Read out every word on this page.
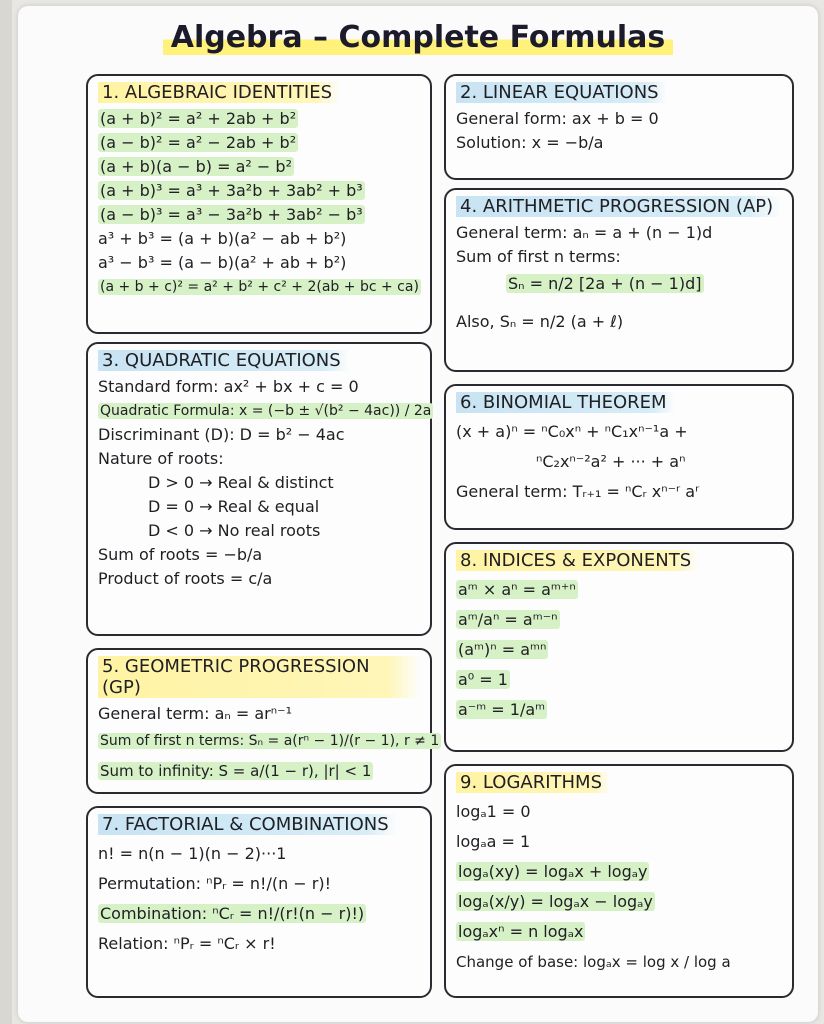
Algebra – Complete Formulas
1. ALGEBRAIC IDENTITIES
(a + b)² = a² + 2ab + b²
(a − b)² = a² − 2ab + b²
(a + b)(a − b) = a² − b²
(a + b)³ = a³ + 3a²b + 3ab² + b³
(a − b)³ = a³ − 3a²b + 3ab² − b³
a³ + b³ = (a + b)(a² − ab + b²)
a³ − b³ = (a − b)(a² + ab + b²)
(a + b + c)² = a² + b² + c² + 2(ab + bc + ca)
2. LINEAR EQUATIONS
General form: ax + b = 0
Solution: x = −b/a
3. QUADRATIC EQUATIONS
Standard form: ax² + bx + c = 0
Quadratic Formula: x = (−b ± √(b² − 4ac)) / 2a
Discriminant (D): D = b² − 4ac
Nature of roots:
D > 0 → Real & distinct
D = 0 → Real & equal
D < 0 → No real roots
Sum of roots = −b/a
Product of roots = c/a
4. ARITHMETIC PROGRESSION (AP)
General term: aₙ = a + (n − 1)d
Sum of first n terms:
Sₙ = n/2 [2a + (n − 1)d]
Also, Sₙ = n/2 (a + ℓ)
5. GEOMETRIC PROGRESSION (GP)
General term: aₙ = arⁿ⁻¹
Sum of first n terms: Sₙ = a(rⁿ − 1)/(r − 1), r ≠ 1
Sum to infinity: S = a/(1 − r), |r| < 1
6. BINOMIAL THEOREM
(x + a)ⁿ = ⁿC₀xⁿ + ⁿC₁xⁿ⁻¹a +
ⁿC₂xⁿ⁻²a² + ··· + aⁿ
General term: Tᵣ₊₁ = ⁿCᵣ xⁿ⁻ʳ aʳ
7. FACTORIAL & COMBINATIONS
n! = n(n − 1)(n − 2)···1
Permutation: ⁿPᵣ = n!/(n − r)!
Combination: ⁿCᵣ = n!/(r!(n − r)!)
Relation: ⁿPᵣ = ⁿCᵣ × r!
8. INDICES & EXPONENTS
aᵐ × aⁿ = aᵐ⁺ⁿ
aᵐ/aⁿ = aᵐ⁻ⁿ
(aᵐ)ⁿ = aᵐⁿ
a⁰ = 1
a⁻ᵐ = 1/aᵐ
9. LOGARITHMS
logₐ1 = 0
logₐa = 1
logₐ(xy) = logₐx + logₐy
logₐ(x/y) = logₐx − logₐy
logₐxⁿ = n logₐx
Change of base: logₐx = log x / log a
